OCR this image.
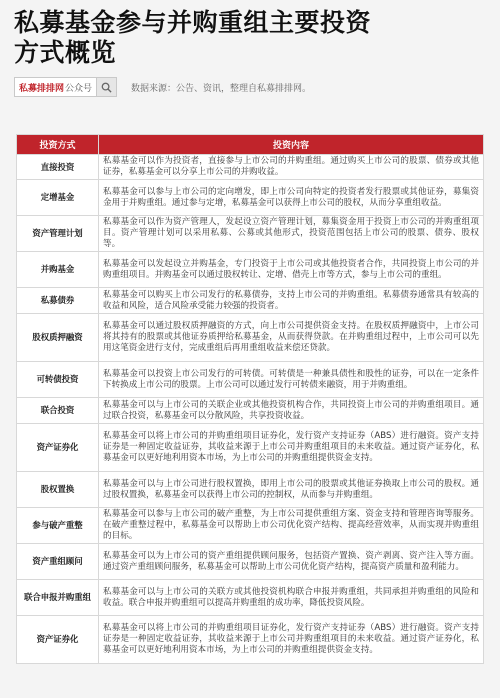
私募基金参与并购重组主要投资
方式概览
私募排排网 公众号	数据来源：公告、资讯，整理自私募排排网。
投资方式	投资内容
直接投资	私募基金可以作为投资者，直接参与上市公司的并购重组。通过购买上市公司的股票、债券或其他证券，私募基金可以分享上市公司的并购收益。
定增基金	私募基金可以参与上市公司的定向增发，即上市公司向特定的投资者发行股票或其他证券，募集资金用于并购重组。通过参与定增，私募基金可以获得上市公司的股权，从而分享重组收益。
资产管理计划	私募基金可以作为资产管理人，发起设立资产管理计划，募集资金用于投资上市公司的并购重组项目。资产管理计划可以采用私募、公募或其他形式，投资范围包括上市公司的股票、债券、股权等。
并购基金	私募基金可以发起设立并购基金，专门投资于上市公司或其他投资者合作，共同投资上市公司的并购重组项目。并购基金可以通过股权转让、定增、借壳上市等方式，参与上市公司的重组。
私募债券	私募基金可以购买上市公司发行的私募债券，支持上市公司的并购重组。私募债券通常具有较高的收益和风险，适合风险承受能力较强的投资者。
股权质押融资	私募基金可以通过股权质押融资的方式，向上市公司提供资金支持。在股权质押融资中，上市公司将其持有的股票或其他证券质押给私募基金，从而获得贷款。在并购重组过程中，上市公司可以先用这笔资金进行支付，完成重组后再用重组收益来偿还贷款。
可转债投资	私募基金可以投资上市公司发行的可转债。可转债是一种兼具债性和股性的证券，可以在一定条件下转换成上市公司的股票。上市公司可以通过发行可转债来融资，用于并购重组。
联合投资	私募基金可以与上市公司的关联企业或其他投资机构合作，共同投资上市公司的并购重组项目。通过联合投资，私募基金可以分散风险，共享投资收益。
资产证券化	私募基金可以将上市公司的并购重组项目证券化，发行资产支持证券（ABS）进行融资。资产支持证券是一种固定收益证券，其收益来源于上市公司并购重组项目的未来收益。通过资产证券化，私募基金可以更好地利用资本市场，为上市公司的并购重组提供资金支持。
股权置换	私募基金可以与上市公司进行股权置换，即用上市公司的股票或其他证券换取上市公司的股权。通过股权置换，私募基金可以获得上市公司的控制权，从而参与并购重组。
参与破产重整	私募基金可以参与上市公司的破产重整，为上市公司提供重组方案、资金支持和管理咨询等服务。在破产重整过程中，私募基金可以帮助上市公司优化资产结构、提高经营效率，从而实现并购重组的目标。
资产重组顾问	私募基金可以为上市公司的资产重组提供顾问服务，包括资产置换、资产剥离、资产注入等方面。通过资产重组顾问服务，私募基金可以帮助上市公司优化资产结构，提高资产质量和盈利能力。
联合申报并购重组	私募基金可以与上市公司的关联方或其他投资机构联合申报并购重组，共同承担并购重组的风险和收益。联合申报并购重组可以提高并购重组的成功率，降低投资风险。
资产证券化	私募基金可以将上市公司的并购重组项目证券化，发行资产支持证券（ABS）进行融资。资产支持证券是一种固定收益证券，其收益来源于上市公司并购重组项目的未来收益。通过资产证券化，私募基金可以更好地利用资本市场，为上市公司的并购重组提供资金支持。
